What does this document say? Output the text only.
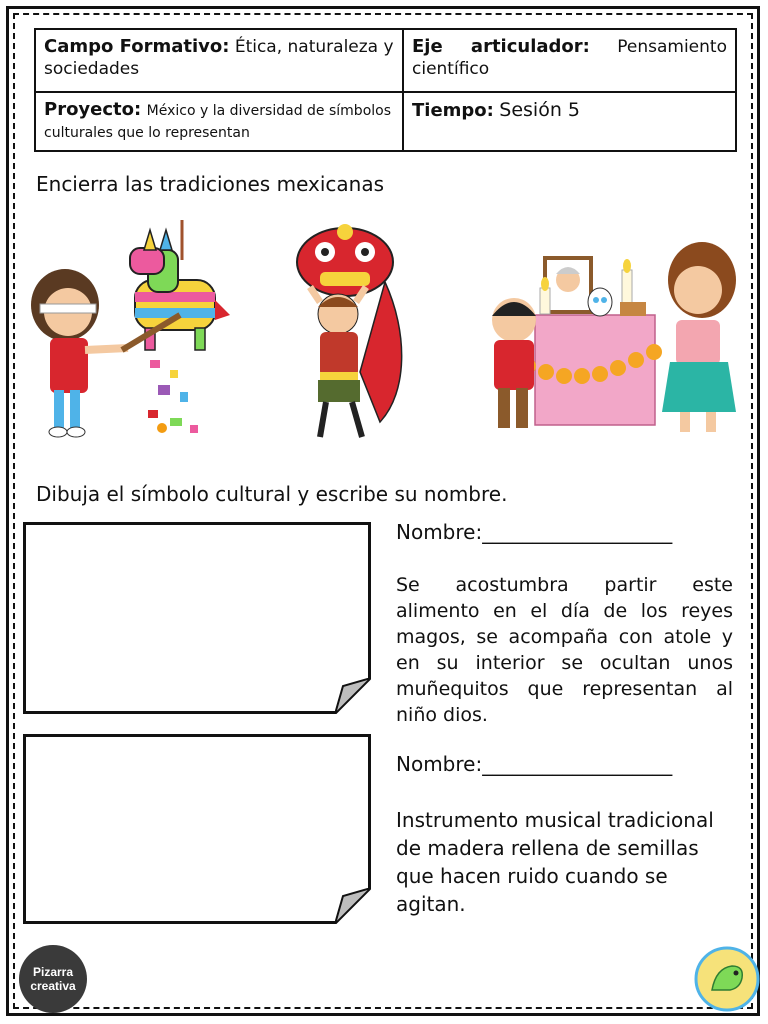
Campo Formativo: Ética, naturaleza y sociedades	Eje articulador: Pensamiento científico
Proyecto: México y la diversidad de símbolos culturales que lo representan	Tiempo: Sesión 5
Encierra las tradiciones mexicanas
Dibuja el símbolo cultural y escribe su nombre.
Nombre:___________________
Se acostumbra partir este alimento en el día de los reyes magos, se acompaña con atole y en su interior se ocultan unos muñequitos que representan al niño dios.
Nombre:___________________
Instrumento musical tradicional de madera rellena de semillas que hacen ruido cuando se agitan.
Pizarra
creativa
